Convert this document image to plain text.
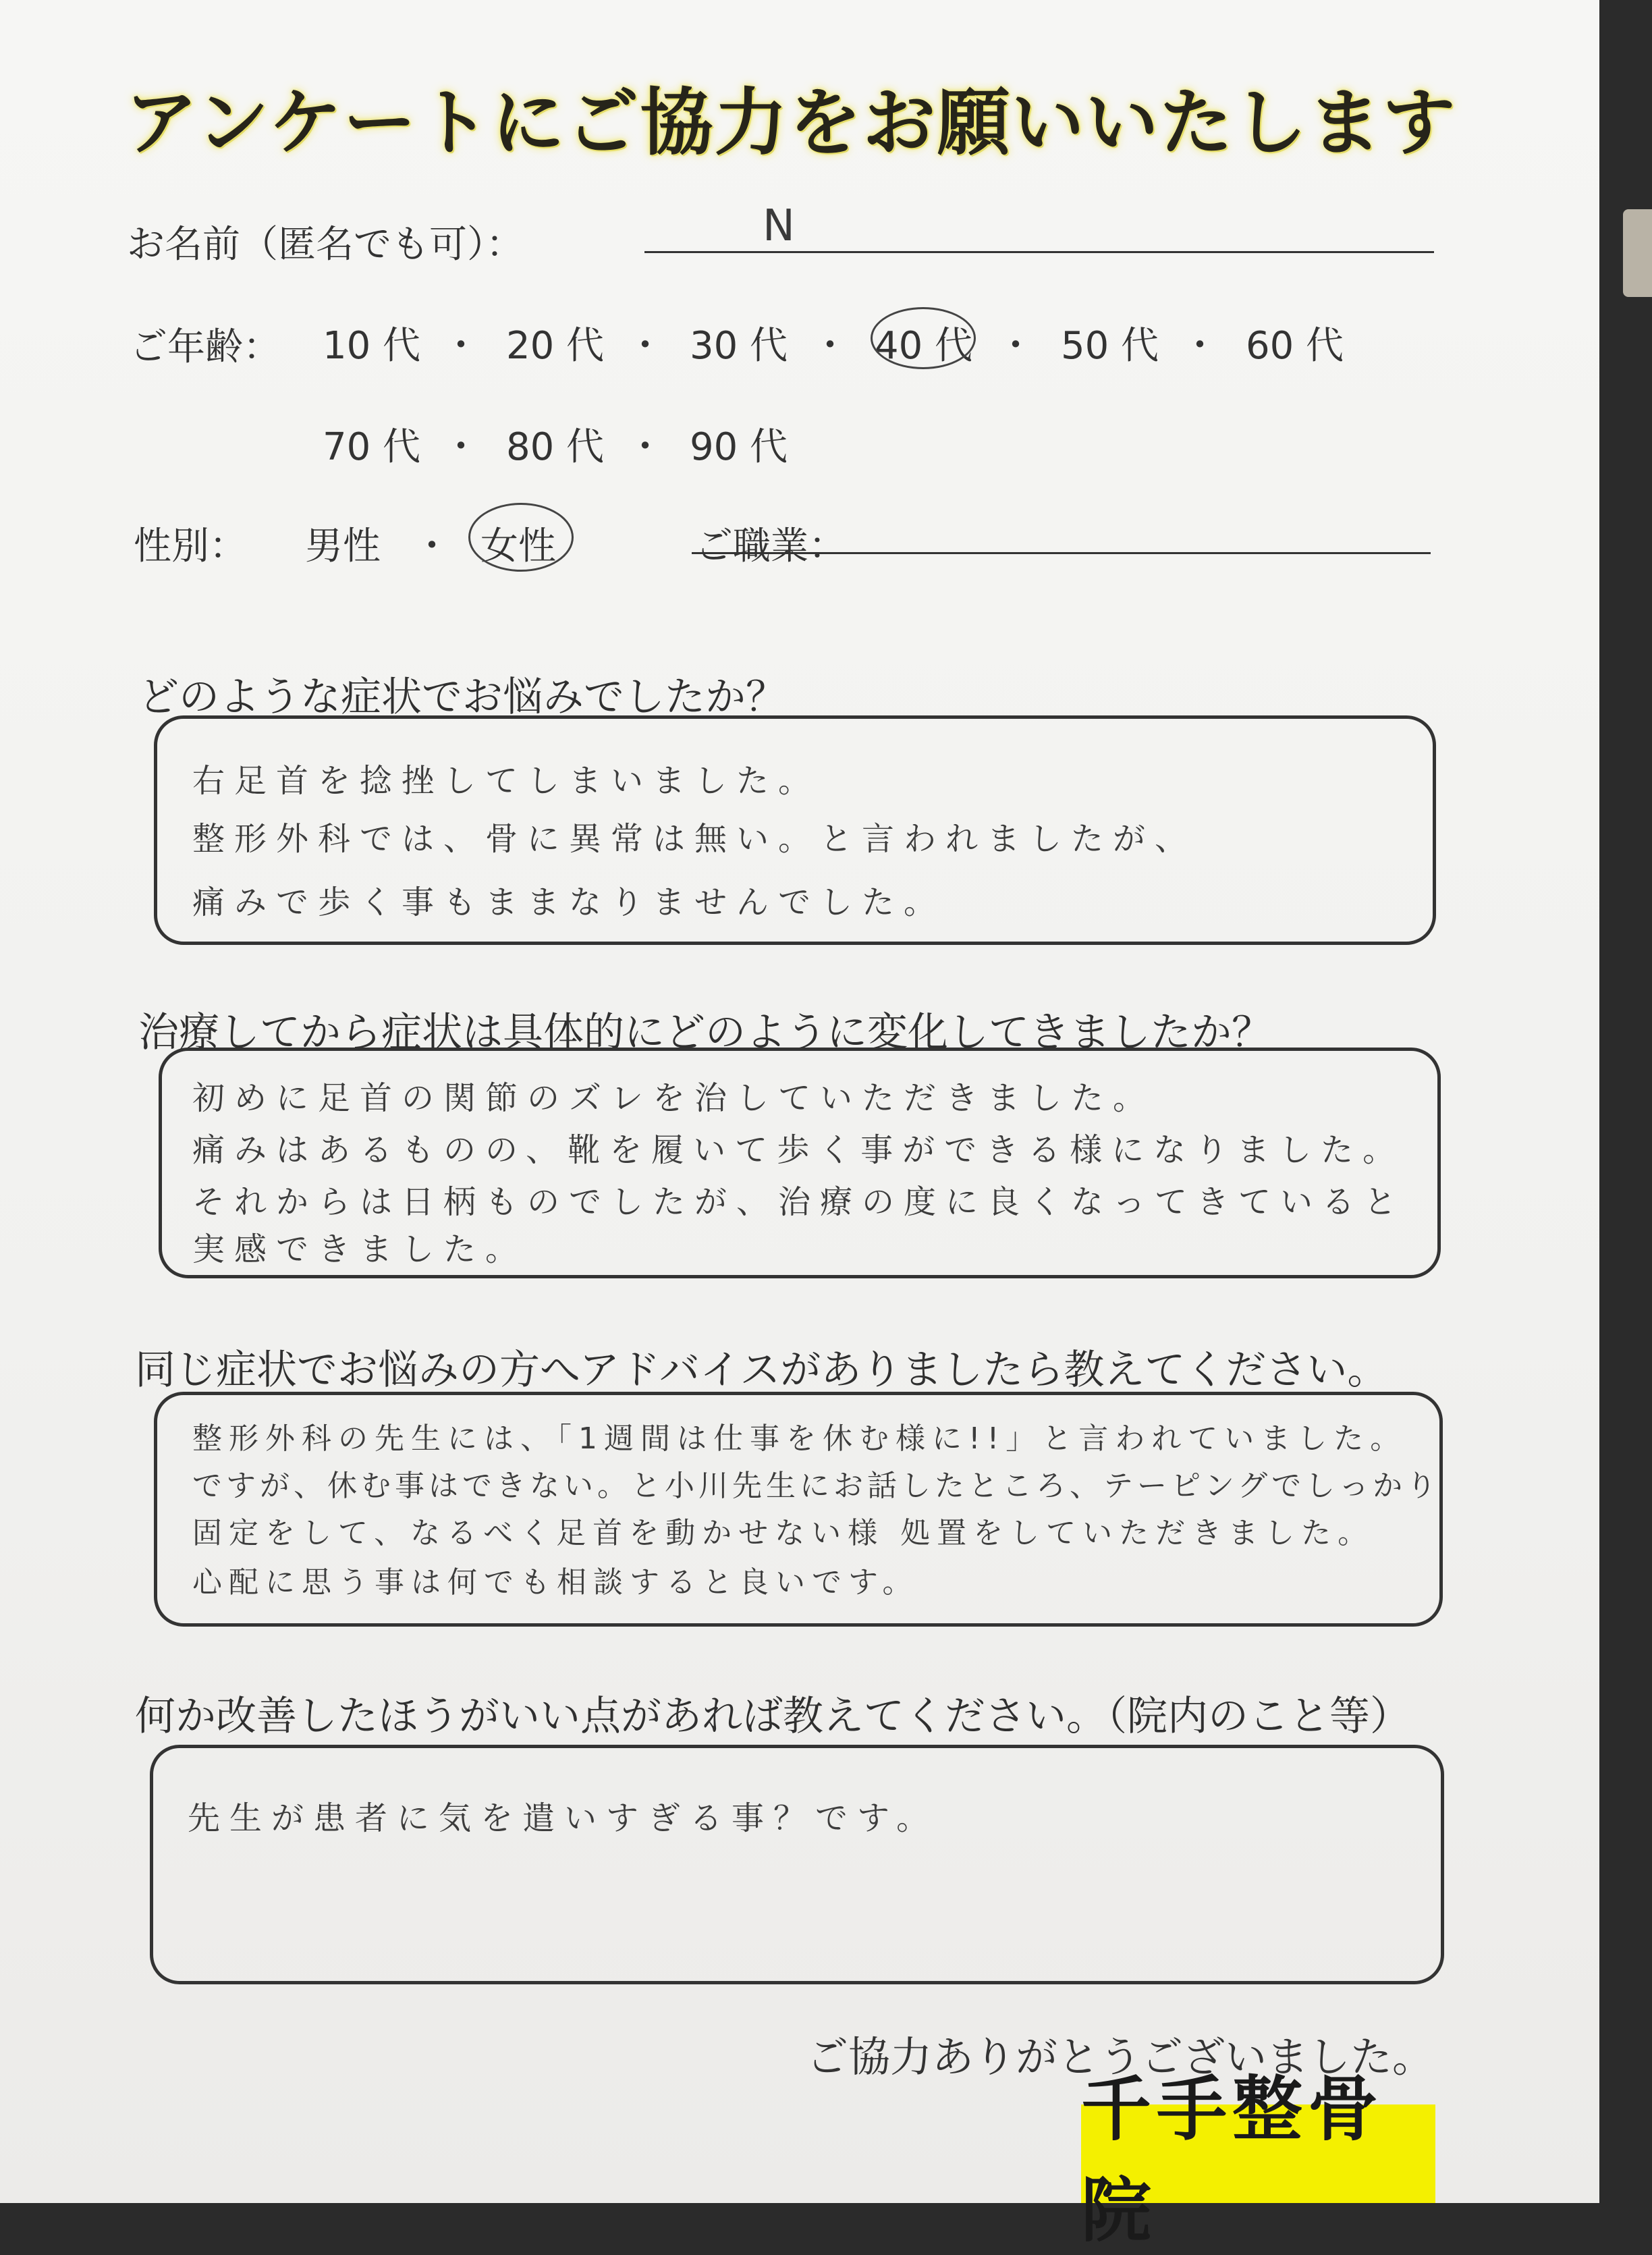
アンケートにご協力をお願いいたします
お名前（匿名でも可）：	N
ご年齢： 10 代 ・ 20 代 ・ 30 代 ・ 40 代 ・ 50 代 ・ 60 代
70 代 ・ 80 代 ・ 90 代
性別： 男性 ・ 女性	ご職業：
どのような症状でお悩みでしたか？
右足首を捻挫してしまいました。
整形外科では、骨に異常は無い。と言われましたが、
痛みで歩く事もままなりませんでした。
治療してから症状は具体的にどのように変化してきましたか？
初めに足首の関節のズレを治していただきました。
痛みはあるものの、靴を履いて歩く事ができる様になりました。
それからは日柄ものでしたが、治療の度に良くなってきていると
実感できました。
同じ症状でお悩みの方へアドバイスがありましたら教えてください。
整形外科の先生には、「1週間は仕事を休む様に!!」と言われていました。
ですが、休む事はできない。と小川先生にお話したところ、テーピングでしっかり
固定をして、なるべく足首を動かせない様 処置をしていただきました。
心配に思う事は何でも相談すると良いです。
何か改善したほうがいい点があれば教えてください。（院内のこと等）
先生が患者に気を遣いすぎる事？です。
ご協力ありがとうございました。
千手整骨院
